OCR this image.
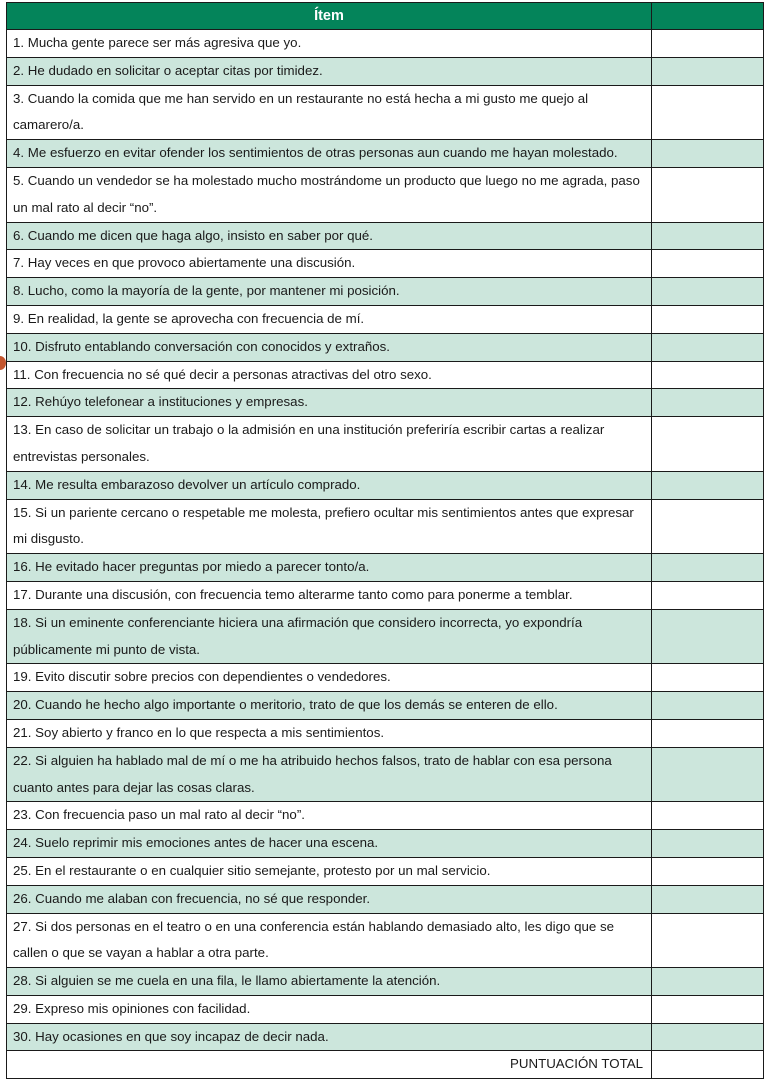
Ítem	
1. Mucha gente parece ser más agresiva que yo.	
2. He dudado en solicitar o aceptar citas por timidez.	
3. Cuando la comida que me han servido en un restaurante no está hecha a mi gusto me quejo al camarero/a.	
4. Me esfuerzo en evitar ofender los sentimientos de otras personas aun cuando me hayan molestado.	
5. Cuando un vendedor se ha molestado mucho mostrándome un producto que luego no me agrada, paso un mal rato al decir “no”.	
6. Cuando me dicen que haga algo, insisto en saber por qué.	
7. Hay veces en que provoco abiertamente una discusión.	
8. Lucho, como la mayoría de la gente, por mantener mi posición.	
9. En realidad, la gente se aprovecha con frecuencia de mí.	
10. Disfruto entablando conversación con conocidos y extraños.	
11. Con frecuencia no sé qué decir a personas atractivas del otro sexo.	
12. Rehúyo telefonear a instituciones y empresas.	
13. En caso de solicitar un trabajo o la admisión en una institución preferiría escribir cartas a realizar entrevistas personales.	
14. Me resulta embarazoso devolver un artículo comprado.	
15. Si un pariente cercano o respetable me molesta, prefiero ocultar mis sentimientos antes que expresar mi disgusto.	
16. He evitado hacer preguntas por miedo a parecer tonto/a.	
17. Durante una discusión, con frecuencia temo alterarme tanto como para ponerme a temblar.	
18. Si un eminente conferenciante hiciera una afirmación que considero incorrecta, yo expondría públicamente mi punto de vista.	
19. Evito discutir sobre precios con dependientes o vendedores.	
20. Cuando he hecho algo importante o meritorio, trato de que los demás se enteren de ello.	
21. Soy abierto y franco en lo que respecta a mis sentimientos.	
22. Si alguien ha hablado mal de mí o me ha atribuido hechos falsos, trato de hablar con esa persona cuanto antes para dejar las cosas claras.	
23. Con frecuencia paso un mal rato al decir “no”.	
24. Suelo reprimir mis emociones antes de hacer una escena.	
25. En el restaurante o en cualquier sitio semejante, protesto por un mal servicio.	
26. Cuando me alaban con frecuencia, no sé que responder.	
27. Si dos personas en el teatro o en una conferencia están hablando demasiado alto, les digo que se callen o que se vayan a hablar a otra parte.	
28. Si alguien se me cuela en una fila, le llamo abiertamente la atención.	
29. Expreso mis opiniones con facilidad.	
30. Hay ocasiones en que soy incapaz de decir nada.	
PUNTUACIÓN TOTAL	
